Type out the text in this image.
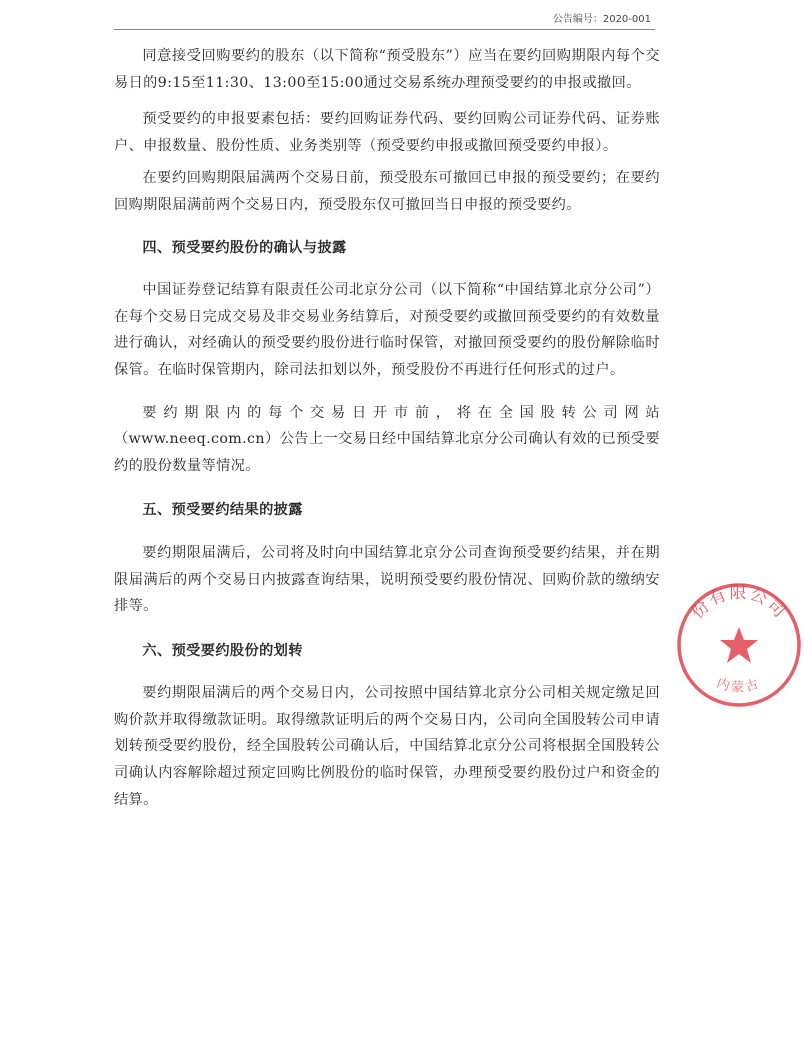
公告编号：2020-001

同意接受回购要约的股东（以下简称“预受股东”）应当在要约回购期限内每个交易日的9:15至11:30、13:00至15:00通过交易系统办理预受要约的申报或撤回。

预受要约的申报要素包括：要约回购证券代码、要约回购公司证券代码、证券账户、申报数量、股份性质、业务类别等（预受要约申报或撤回预受要约申报）。

在要约回购期限届满两个交易日前，预受股东可撤回已申报的预受要约；在要约回购期限届满前两个交易日内，预受股东仅可撤回当日申报的预受要约。

四、预受要约股份的确认与披露

中国证券登记结算有限责任公司北京分公司（以下简称“中国结算北京分公司”）在每个交易日完成交易及非交易业务结算后，对预受要约或撤回预受要约的有效数量进行确认，对经确认的预受要约股份进行临时保管，对撤回预受要约的股份解除临时保管。在临时保管期内，除司法扣划以外，预受股份不再进行任何形式的过户。

要约期限内的每个交易日开市前，将在全国股转公司网站（www.neeq.com.cn）公告上一交易日经中国结算北京分公司确认有效的已预受要约的股份数量等情况。

五、预受要约结果的披露

要约期限届满后，公司将及时向中国结算北京分公司查询预受要约结果，并在期限届满后的两个交易日内披露查询结果，说明预受要约股份情况、回购价款的缴纳安排等。

六、预受要约股份的划转

要约期限届满后的两个交易日内，公司按照中国结算北京分公司相关规定缴足回购价款并取得缴款证明。取得缴款证明后的两个交易日内，公司向全国股转公司申请划转预受要约股份，经全国股转公司确认后，中国结算北京分公司将根据全国股转公司确认内容解除超过预定回购比例股份的临时保管，办理预受要约股份过户和资金的结算。

份有限公司
内蒙古
